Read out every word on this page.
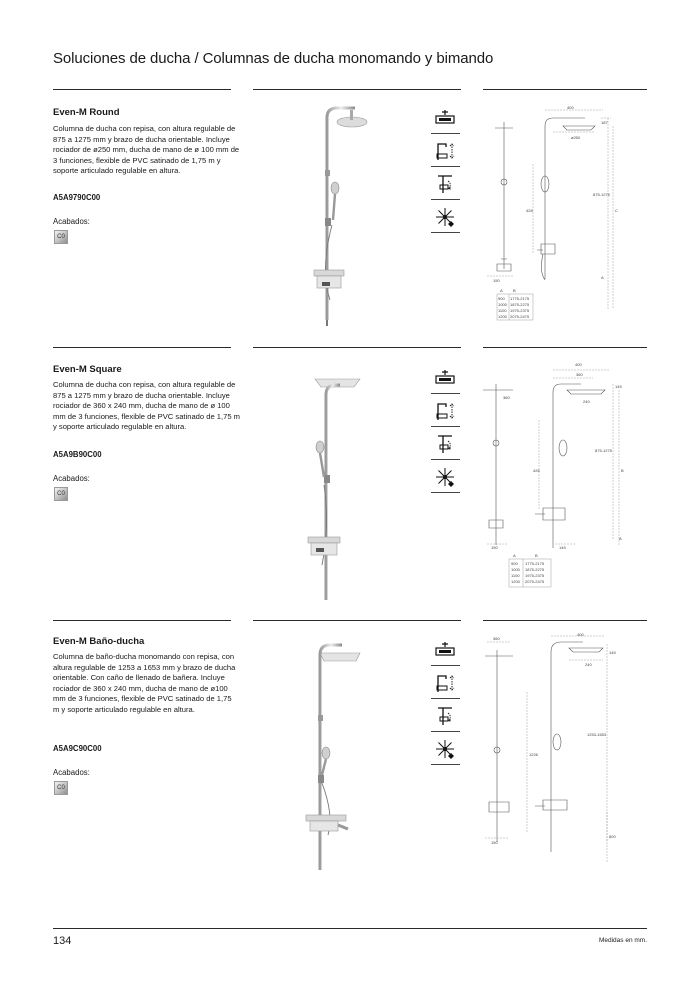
Soluciones de ducha / Columnas de ducha monomando y bimando
Even-M Round
Columna de ducha con repisa, con altura regulable de 875 a 1275 mm y brazo de ducha orientable. Incluye rociador de ø250 mm, ducha de mano de ø 100 mm de 3 funciones, flexible de PVC satinado de 1,75 m y soporte articulado regulable en altura.
A5A9790C00
Acabados:
C0
400
ø250
187
875-1275
426	C
A
150
A	B
900 1775-2175
1000 1875-2275
1100 1975-2375
1200 2075-2475
Even-M Square
Columna de ducha con repisa, con altura regulable de 875 a 1275 mm y brazo de ducha orientable. Incluye rociador de 360 x 240 mm, ducha de mano de ø 100 mm de 3 funciones, flexible de PVC satinado de 1,75 m y soporte articulado regulable en altura.
A5A9B90C00
Acabados:
C0
400
360
360
240
145
875-1275
426	B
A
150	145
A	B
900 1775-2175
1000 1875-2275
1100 1975-2375
1200 2075-2475
Even-M Baño-ducha
Columna de baño-ducha monomando con repisa, con altura regulable de 1253 a 1653 mm y brazo de ducha orientable. Con caño de llenado de bañera. Incluye rociador de 360 x 240 mm, ducha de mano de ø100 mm de 3 funciones, flexible de PVC satinado de 1,75 m y soporte articulado regulable en altura.
A5A9C90C00
Acabados:
C0
360
400
240
145
1253-1653
1226
800
150
134	Medidas en mm.
